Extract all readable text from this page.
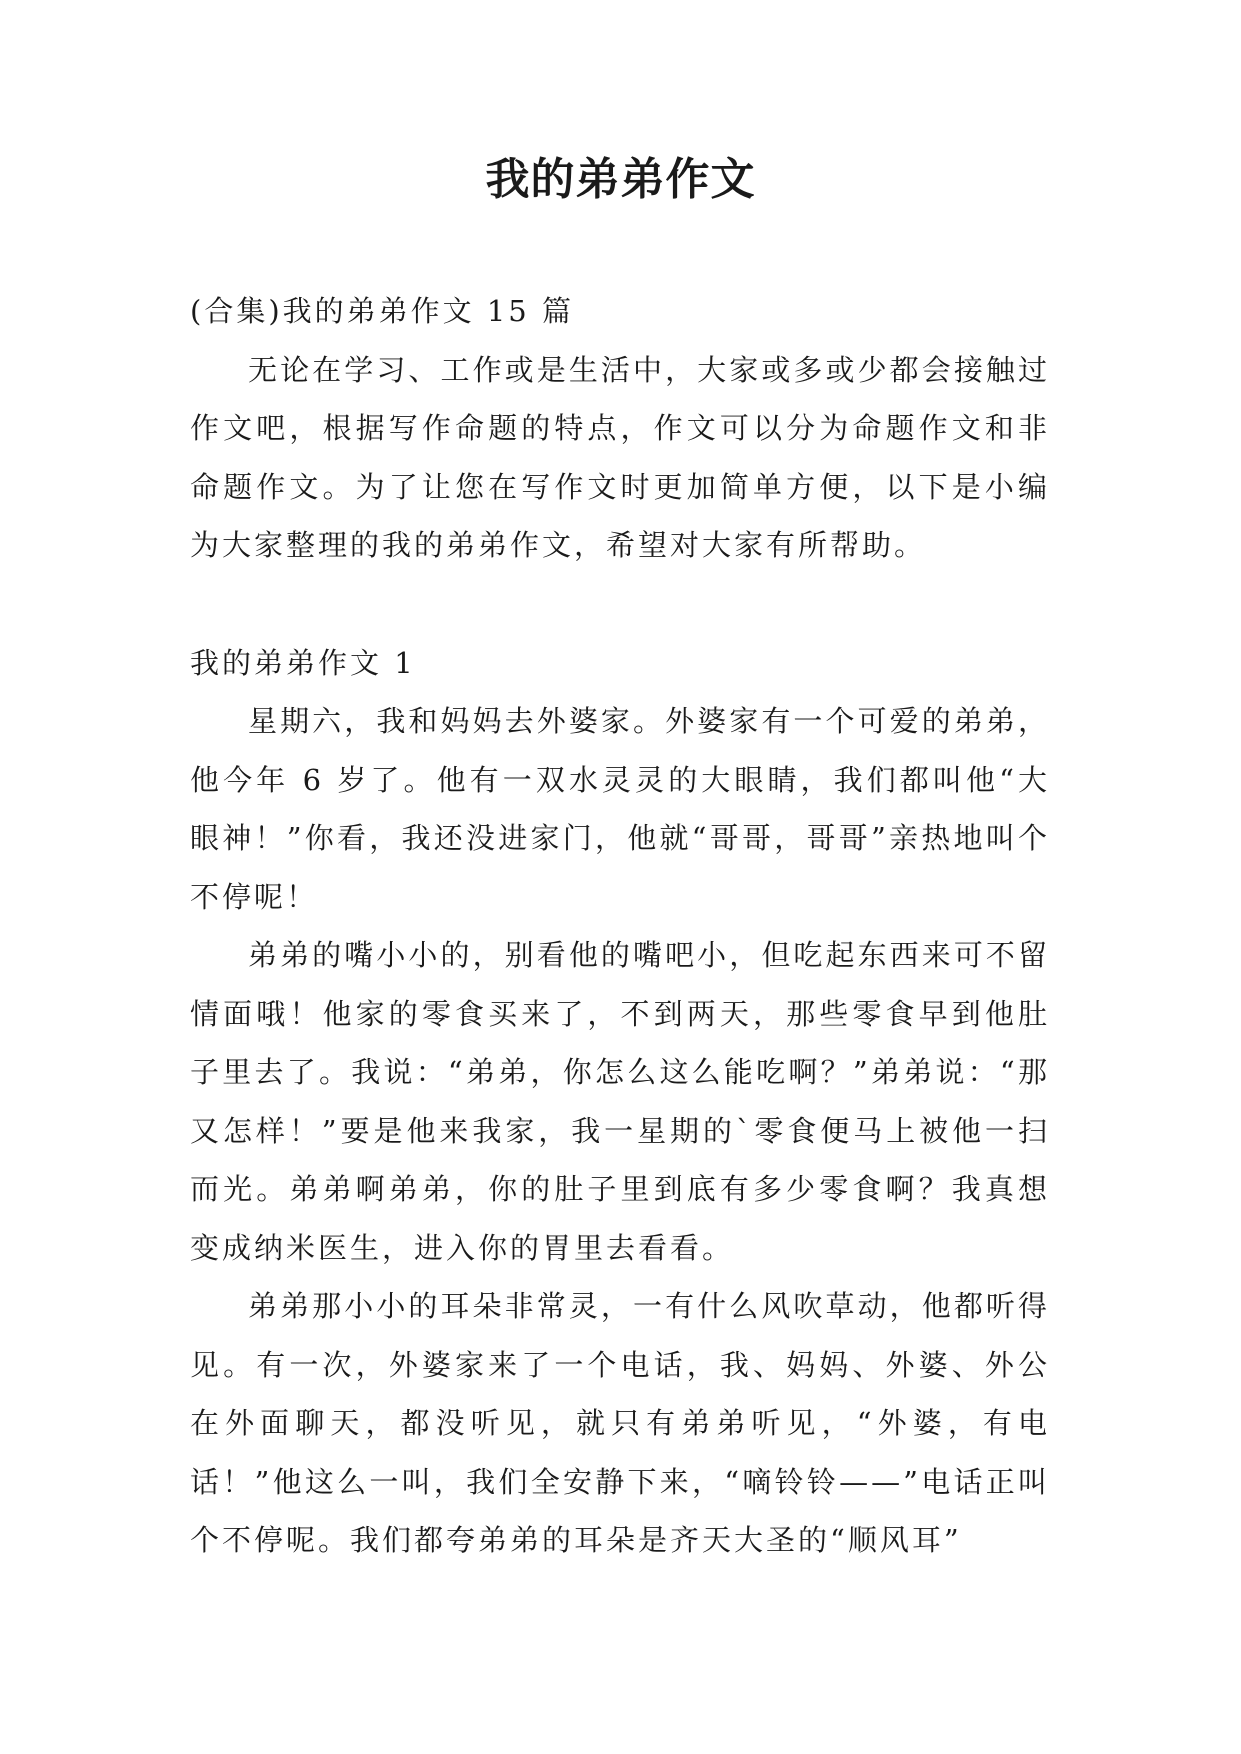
我的弟弟作文

(合集)我的弟弟作文 15 篇

无论在学习、工作或是生活中，大家或多或少都会接触过作文吧，根据写作命题的特点，作文可以分为命题作文和非命题作文。为了让您在写作文时更加简单方便，以下是小编为大家整理的我的弟弟作文，希望对大家有所帮助。

我的弟弟作文 1

星期六，我和妈妈去外婆家。外婆家有一个可爱的弟弟，他今年 6 岁了。他有一双水灵灵的大眼睛，我们都叫他“大眼神！”你看，我还没进家门，他就“哥哥，哥哥”亲热地叫个不停呢！

弟弟的嘴小小的，别看他的嘴吧小，但吃起东西来可不留情面哦！他家的零食买来了，不到两天，那些零食早到他肚子里去了。我说：“弟弟，你怎么这么能吃啊？”弟弟说：“那又怎样！”要是他来我家，我一星期的`零食便马上被他一扫而光。弟弟啊弟弟，你的肚子里到底有多少零食啊？我真想变成纳米医生，进入你的胃里去看看。

弟弟那小小的耳朵非常灵，一有什么风吹草动，他都听得见。有一次，外婆家来了一个电话，我、妈妈、外婆、外公在外面聊天，都没听见，就只有弟弟听见，“外婆，有电话！”他这么一叫，我们全安静下来，“嘀铃铃——”电话正叫个不停呢。我们都夸弟弟的耳朵是齐天大圣的“顺风耳”
